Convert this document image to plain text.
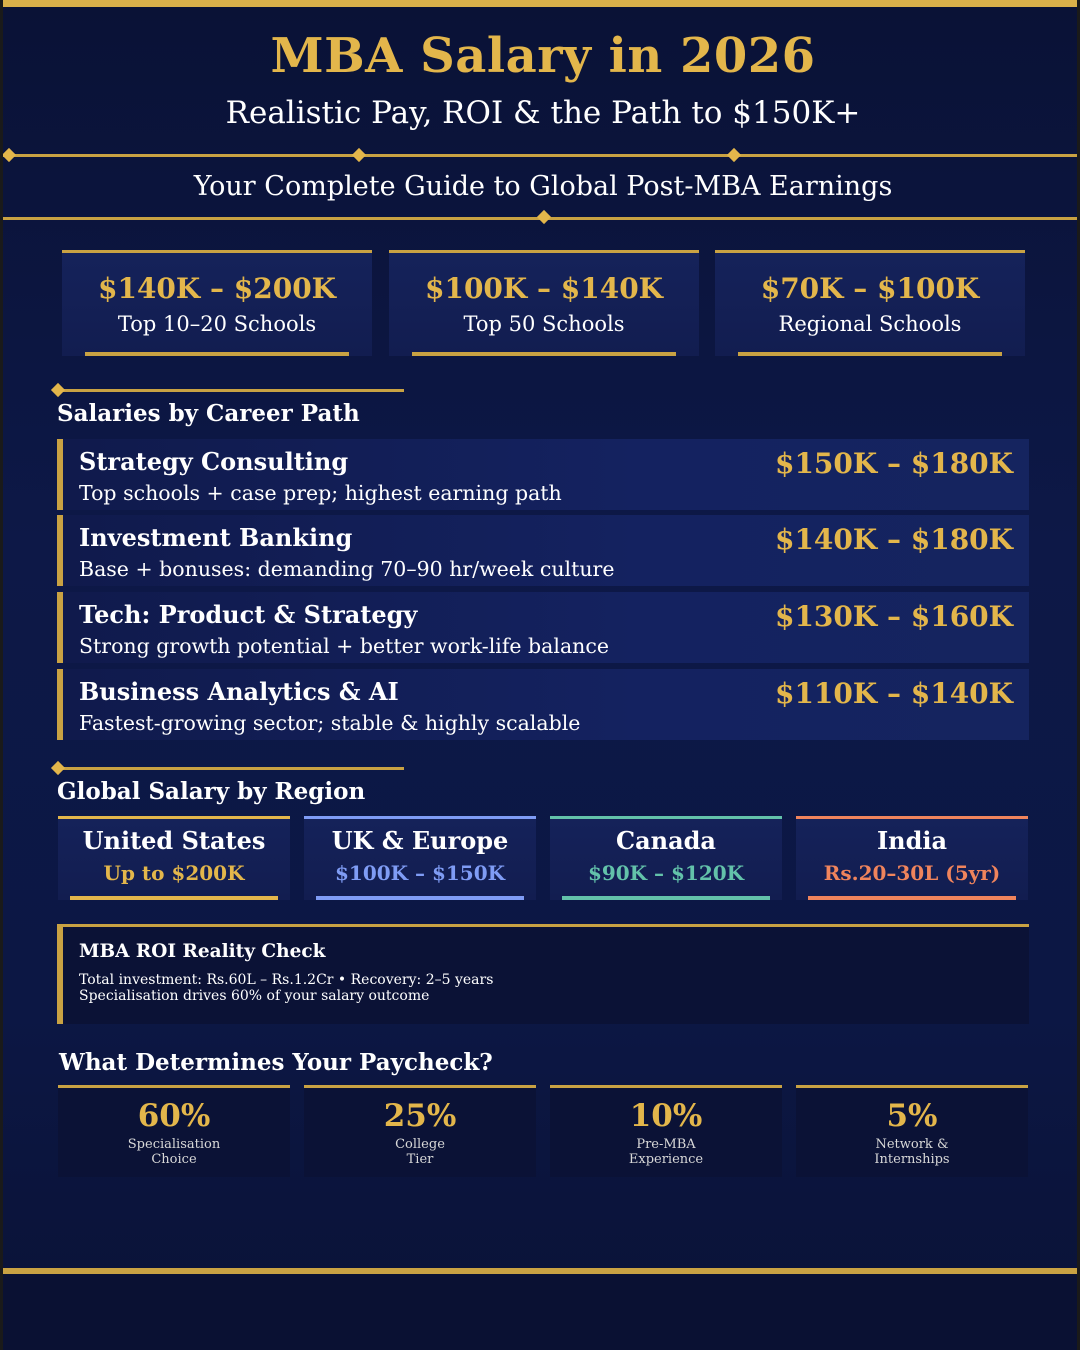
MBA Salary in 2026
Realistic Pay, ROI & the Path to $150K+
Your Complete Guide to Global Post-MBA Earnings
$140K – $200K
Top 10–20 Schools
$100K – $140K
Top 50 Schools
$70K – $100K
Regional Schools
Salaries by Career Path
Strategy Consulting
Top schools + case prep; highest earning path
$150K – $180K
Investment Banking
Base + bonuses: demanding 70–90 hr/week culture
$140K – $180K
Tech: Product & Strategy
Strong growth potential + better work-life balance
$130K – $160K
Business Analytics & AI
Fastest-growing sector; stable & highly scalable
$110K – $140K
Global Salary by Region
United States
Up to $200K
UK & Europe
$100K – $150K
Canada
$90K – $120K
India
Rs.20–30L (5yr)
MBA ROI Reality Check
Total investment: Rs.60L – Rs.1.2Cr • Recovery: 2–5 years
Specialisation drives 60% of your salary outcome
What Determines Your Paycheck?
60%
Specialisation
Choice
25%
College
Tier
10%
Pre-MBA
Experience
5%
Network &
Internships
